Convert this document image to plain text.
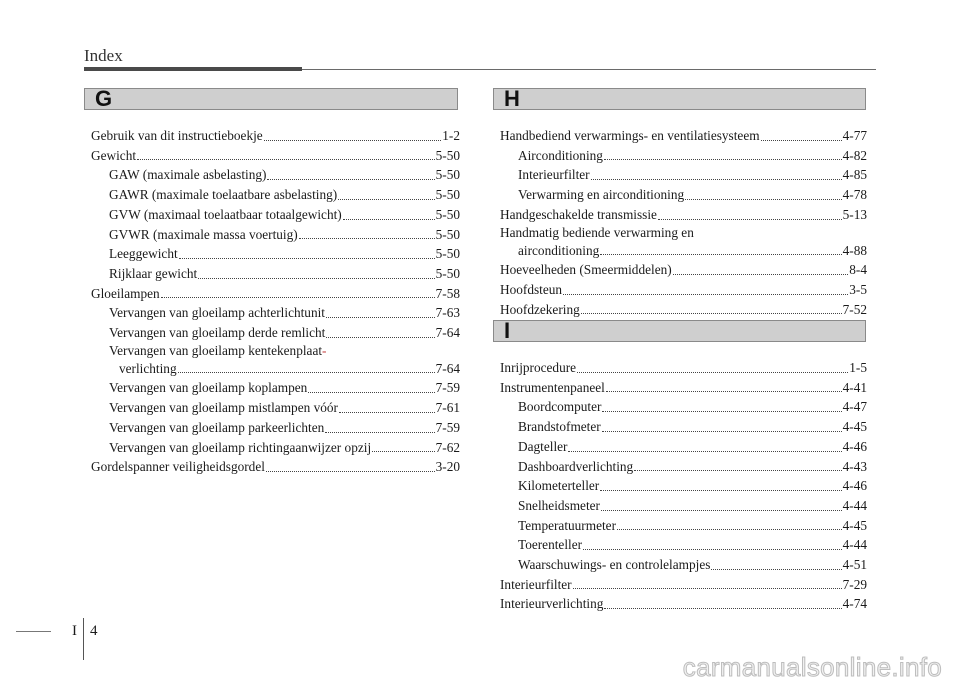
Index
G	H
I
Gebruik van dit instructieboekje	1-2
Gewicht	5-50
GAW (maximale asbelasting)	5-50
GAWR (maximale toelaatbare asbelasting)	5-50
GVW (maximaal toelaatbaar totaalgewicht)	5-50
GVWR (maximale massa voertuig)	5-50
Leeggewicht	5-50
Rijklaar gewicht	5-50
Gloeilampen	7-58
Vervangen van gloeilamp achterlichtunit	7-63
Vervangen van gloeilamp derde remlicht	7-64
Vervangen van gloeilamp kentekenplaat -
verlichting	7-64
Vervangen van gloeilamp koplampen	7-59
Vervangen van gloeilamp mistlampen vóór	7-61
Vervangen van gloeilamp parkeerlichten	7-59
Vervangen van gloeilamp richtingaanwijzer opzij	7-62
Gordelspanner veiligheidsgordel	3-20
Handbediend verwarmings- en ventilatiesysteem	4-77
Airconditioning	4-82
Interieurfilter	4-85
Verwarming en airconditioning	4-78
Handgeschakelde transmissie	5-13
Handmatig bediende verwarming en
airconditioning	4-88
Hoeveelheden (Smeermiddelen)	8-4
Hoofdsteun	3-5
Hoofdzekering	7-52
Inrijprocedure	1-5
Instrumentenpaneel	4-41
Boordcomputer	4-47
Brandstofmeter	4-45
Dagteller	4-46
Dashboardverlichting	4-43
Kilometerteller	4-46
Snelheidsmeter	4-44
Temperatuurmeter	4-45
Toerenteller	4-44
Waarschuwings- en controlelampjes	4-51
Interieurfilter	7-29
Interieurverlichting	4-74
I 4
carmanualsonline.info
